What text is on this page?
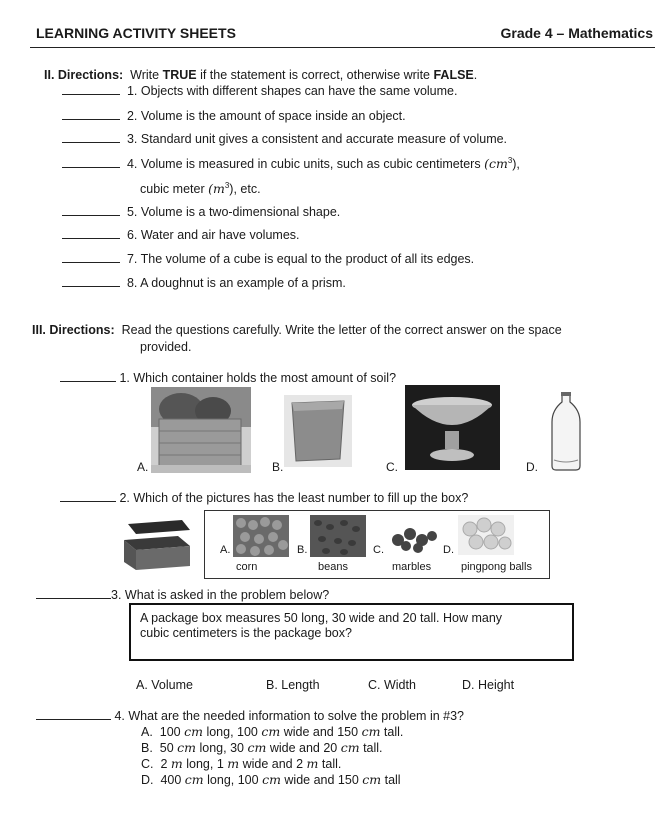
LEARNING ACTIVITY SHEETS	Grade 4 – Mathematics
II. Directions: Write TRUE if the statement is correct, otherwise write FALSE.
1. Objects with different shapes can have the same volume.
2. Volume is the amount of space inside an object.
3. Standard unit gives a consistent and accurate measure of volume.
4. Volume is measured in cubic units, such as cubic centimeters $(cm^3)$,
cubic meter $(m^3)$, etc.
5. Volume is a two-dimensional shape.
6. Water and air have volumes.
7. The volume of a cube is equal to the product of all its edges.
8. A doughnut is an example of a prism.
III. Directions: Read the questions carefully. Write the letter of the correct answer on the space
provided.
1. Which container holds the most amount of soil?
A.	B.	C.	D.
2. Which of the pictures has the least number to fill up the box?
A.	B.	C.	D.
corn	beans	marbles	pingpong balls
3. What is asked in the problem below?
A package box measures 50 long, 30 wide and 20 tall. How many
cubic centimeters is the package box?
A. Volume	B. Length	C. Width	D. Height
4. What are the needed information to solve the problem in #3?
A. 100 cm long, 100 cm wide and 150 cm tall.
B. 50 cm long, 30 cm wide and 20 cm tall.
C. 2 m long, 1 m wide and 2 m tall.
D. 400 cm long, 100 cm wide and 150 cm tall
